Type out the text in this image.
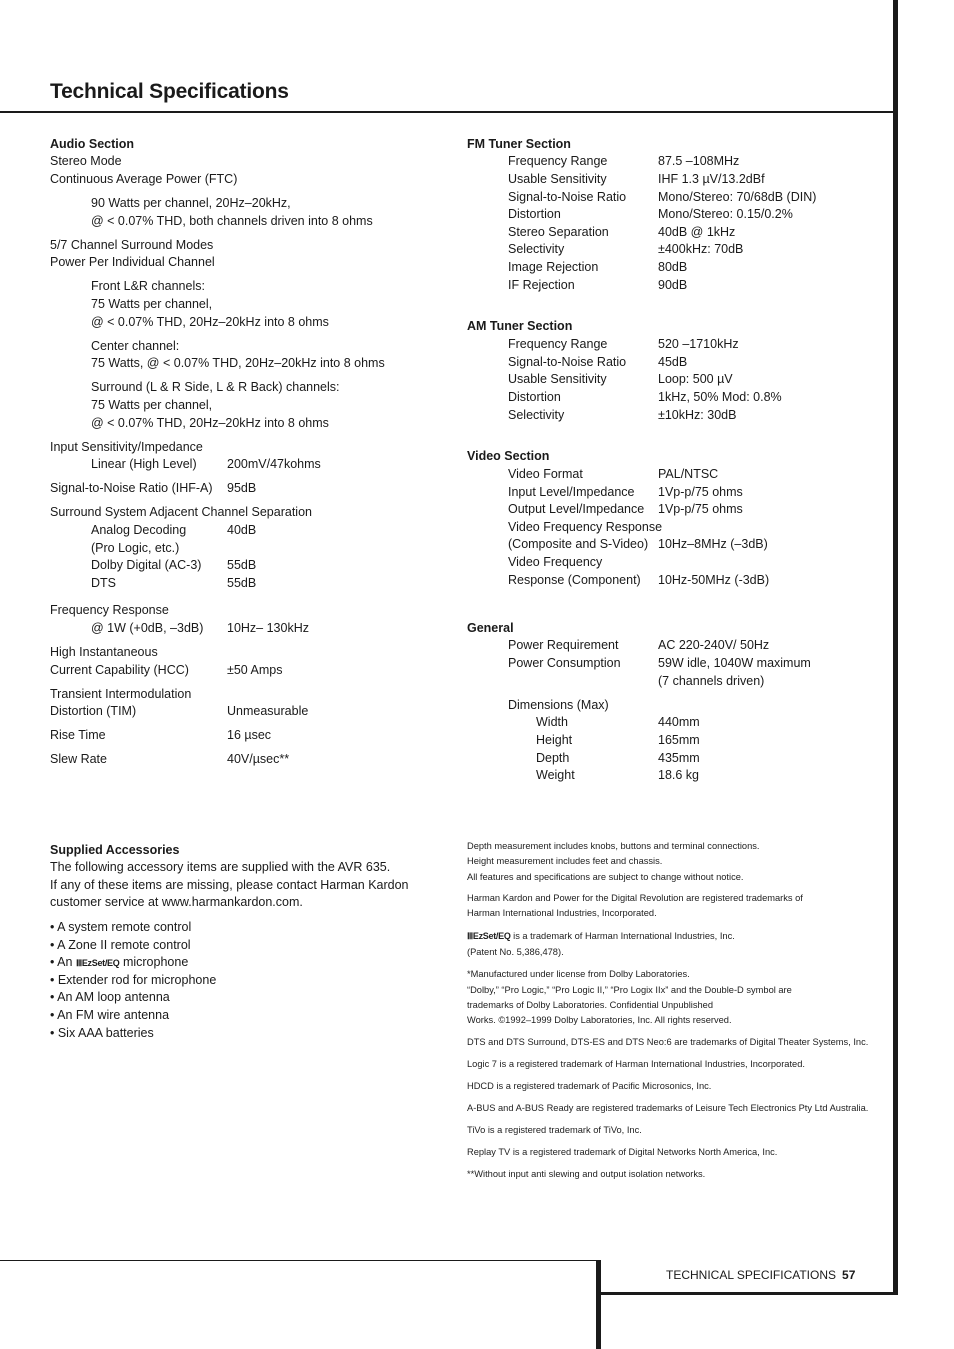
Technical Specifications
Audio Section
Stereo Mode
Continuous Average Power (FTC)
90 Watts per channel, 20Hz–20kHz,
@ < 0.07% THD, both channels driven into 8 ohms
5/7 Channel Surround Modes
Power Per Individual Channel
Front L&R channels:
75 Watts per channel,
@ < 0.07% THD, 20Hz–20kHz into 8 ohms
Center channel:
75 Watts, @ < 0.07% THD, 20Hz–20kHz into 8 ohms
Surround (L & R Side, L & R Back) channels:
75 Watts per channel,
@ < 0.07% THD, 20Hz–20kHz into 8 ohms
Input Sensitivity/Impedance
Linear (High Level) 200mV/47kohms
Signal-to-Noise Ratio (IHF-A) 95dB
Surround System Adjacent Channel Separation
Analog Decoding	40dB
(Pro Logic, etc.)
Dolby Digital (AC-3) 55dB
DTS	55dB
Frequency Response
@ 1W (+0dB, –3dB) 10Hz– 130kHz
High Instantaneous
Current Capability (HCC)	±50 Amps
Transient Intermodulation
Distortion (TIM)	Unmeasurable
Rise Time	16 µsec
Slew Rate	40V/µsec**
FM Tuner Section
Frequency Range	87.5 –108MHz
Usable Sensitivity	IHF 1.3 µV/13.2dBf
Signal-to-Noise Ratio	Mono/Stereo: 70/68dB (DIN)
Distortion	Mono/Stereo: 0.15/0.2%
Stereo Separation	40dB @ 1kHz
Selectivity	±400kHz: 70dB
Image Rejection	80dB
IF Rejection	90dB
AM Tuner Section
Frequency Range	520 –1710kHz
Signal-to-Noise Ratio	45dB
Usable Sensitivity	Loop: 500 µV
Distortion	1kHz, 50% Mod: 0.8%
Selectivity	±10kHz: 30dB
Video Section
Video Format	PAL/NTSC
Input Level/Impedance 1Vp-p/75 ohms
Output Level/Impedance 1Vp-p/75 ohms
Video Frequency Response
(Composite and S-Video) 10Hz–8MHz (–3dB)
Video Frequency
Response (Component) 10Hz-50MHz (-3dB)
General
Power Requirement	AC 220-240V/ 50Hz
Power Consumption	59W idle, 1040W maximum
(7 channels driven)
Dimensions (Max)
Width	440mm
Height	165mm
Depth	435mm
Weight	18.6 kg
Supplied Accessories
The following accessory items are supplied with the AVR 635.
If any of these items are missing, please contact Harman Kardon
customer service at www.harmankardon.com.
• A system remote control
• A Zone II remote control
• An ⅢEzSet/EQ microphone
• Extender rod for microphone
• An AM loop antenna
• An FM wire antenna
• Six AAA batteries
Depth measurement includes knobs, buttons and terminal connections.
Height measurement includes feet and chassis.
All features and specifications are subject to change without notice.
Harman Kardon and Power for the Digital Revolution are registered trademarks of
Harman International Industries, Incorporated.
ⅢEzSet/EQ is a trademark of Harman International Industries, Inc.
(Patent No. 5,386,478).
*Manufactured under license from Dolby Laboratories.
“Dolby,” “Pro Logic,” “Pro Logic II,” “Pro Logix IIx” and the Double-D symbol are
trademarks of Dolby Laboratories. Confidential Unpublished
Works. ©1992–1999 Dolby Laboratories, Inc. All rights reserved.
DTS and DTS Surround, DTS-ES and DTS Neo:6 are trademarks of Digital Theater Systems, Inc.
Logic 7 is a registered trademark of Harman International Industries, Incorporated.
HDCD is a registered trademark of Pacific Microsonics, Inc.
A-BUS and A-BUS Ready are registered trademarks of Leisure Tech Electronics Pty Ltd Australia.
TiVo is a registered trademark of TiVo, Inc.
Replay TV is a registered trademark of Digital Networks North America, Inc.
**Without input anti slewing and output isolation networks.
TECHNICAL SPECIFICATIONS 57
